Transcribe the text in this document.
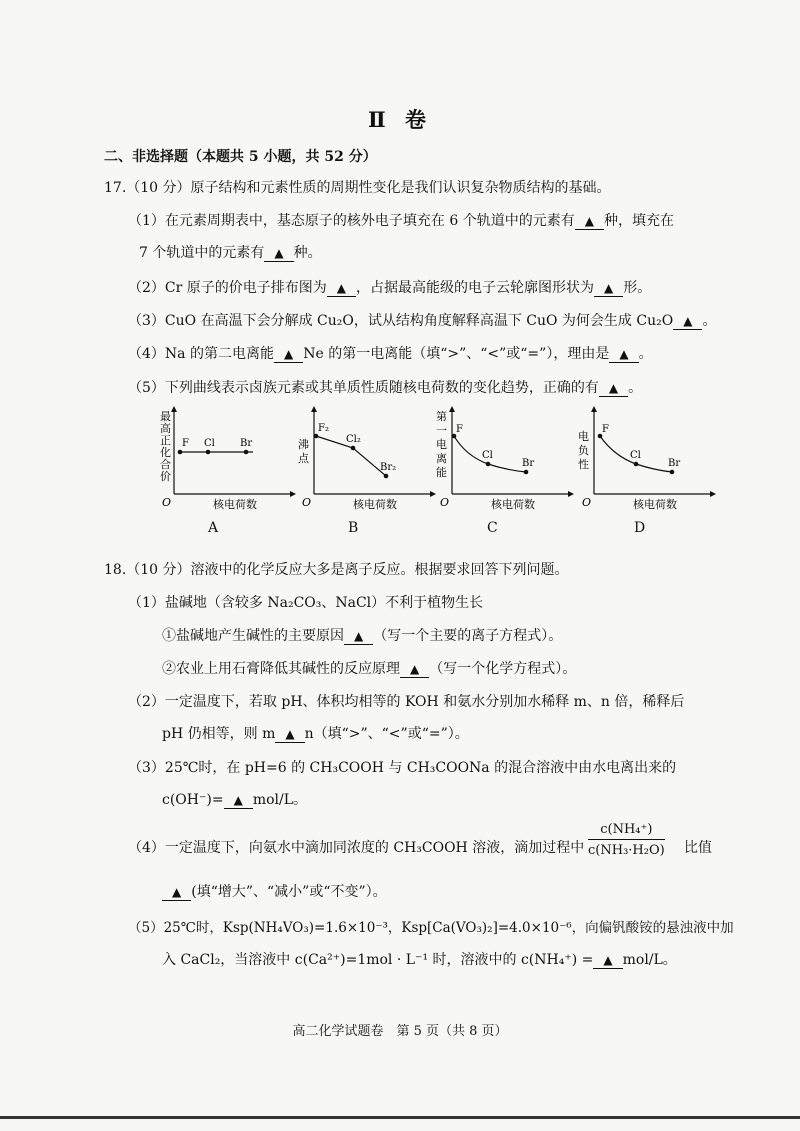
Ⅱ 卷
二、非选择题（本题共 5 小题，共 52 分）
17.（10 分）原子结构和元素性质的周期性变化是我们认识复杂物质结构的基础。
（1）在元素周期表中，基态原子的核外电子填充在 6 个轨道中的元素有 ▲ 种，填充在
7 个轨道中的元素有 ▲ 种。
（2）Cr 原子的价电子排布图为 ▲ ，占据最高能级的电子云轮廓图形状为 ▲ 形。
（3）CuO 在高温下会分解成 Cu₂O，试从结构角度解释高温下 CuO 为何会生成 Cu₂O ▲ 。
（4）Na 的第二电离能 ▲ Ne 的第一电离能（填“>”、“<”或“=”），理由是 ▲ 。
（5）下列曲线表示卤族元素或其单质性质随核电荷数的变化趋势，正确的有 ▲ 。
最
高
正
化
合
价
F Cl	Br
O	核电荷数
沸
点
F₂
Cl₂
Br₂
O	核电荷数
第
一
电
离
能
F
Cl
Br
O	核电荷数
电
负
性
F
Cl
Br
O	核电荷数
A	B	C	D
18.（10 分）溶液中的化学反应大多是离子反应。根据要求回答下列问题。
（1）盐碱地（含较多 Na₂CO₃、NaCl）不利于植物生长
①盐碱地产生碱性的主要原因 ▲ （写一个主要的离子方程式）。
②农业上用石膏降低其碱性的反应原理 ▲ （写一个化学方程式）。
（2）一定温度下，若取 pH、体积均相等的 KOH 和氨水分别加水稀释 m、n 倍，稀释后
pH 仍相等，则 m ▲ n（填“>”、“<”或“=”）。
（3）25℃时，在 pH=6 的 CH₃COOH 与 CH₃COONa 的混合溶液中由水电离出来的
c(OH⁻)= ▲ mol/L。
（4）一定温度下，向氨水中滴加同浓度的 CH₃COOH 溶液，滴加过程中 $\frac{\text{c(NH₄⁺)}}{\text{c(NH₃·H₂O)}}$ 比值
▲ (填“增大”、“减小”或“不变”）。
（5）25℃时，Ksp(NH₄VO₃)=1.6×10⁻³，Ksp[Ca(VO₃)₂]=4.0×10⁻⁶，向偏钒酸铵的悬浊液中加
入 CaCl₂，当溶液中 c(Ca²⁺)=1mol · L⁻¹ 时，溶液中的 c(NH₄⁺) = ▲ mol/L。
高二化学试题卷　第 5 页（共 8 页）
